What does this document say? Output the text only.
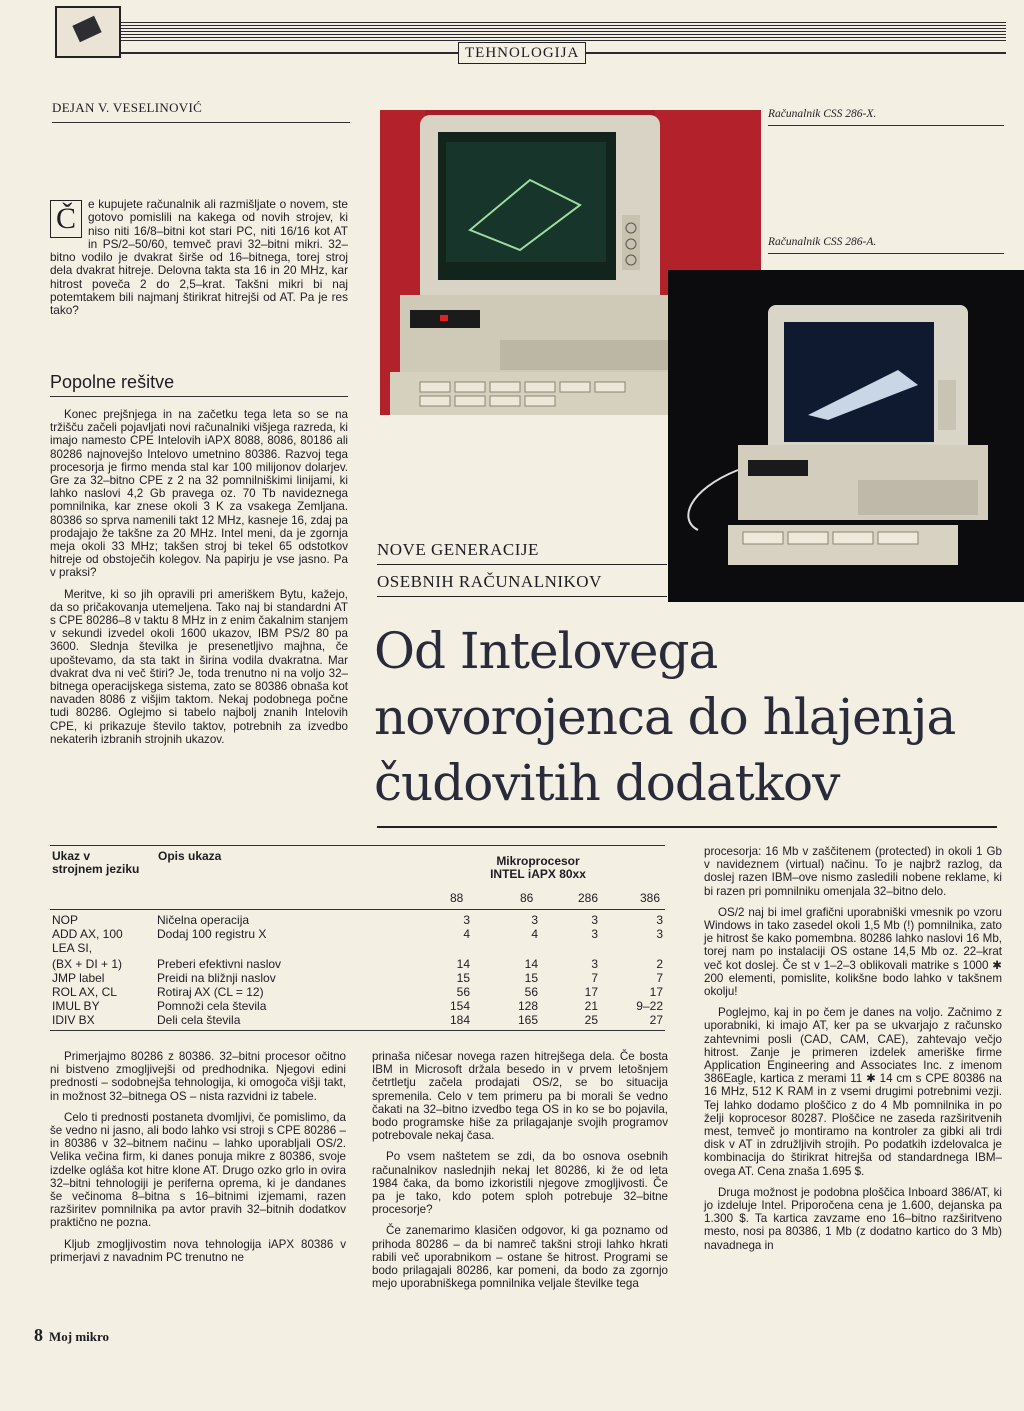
TEHNOLOGIJA
DEJAN V. VESELINOVIĆ
Č	e kupujete računalnik ali razmišljate o novem, ste gotovo pomislili na kakega od novih strojev, ki niso niti 16/8–bitni kot stari PC, niti 16/16 kot AT in PS/2–50/60, temveč pravi 32–bitni mikri. 32–bitno vodilo je dvakrat širše od 16–bitnega, torej stroj dela dvakrat hitreje. Delovna takta sta 16 in 20 MHz, kar hitrost poveča 2 do 2,5–krat. Takšni mikri bi naj potemtakem bili najmanj štirikrat hitrejši od AT. Pa je res tako?
Popolne rešitve

Konec prejšnjega in na začetku tega leta so se na tržišču začeli pojavljati novi računalniki višjega razreda, ki imajo namesto CPE Intelovih iAPX 8088, 8086, 80186 ali 80286 najnovejšo Intelovo umetnino 80386. Razvoj tega procesorja je firmo menda stal kar 100 milijonov dolarjev. Gre za 32–bitno CPE z 2 na 32 pomnilniškimi linijami, ki lahko naslovi 4,2 Gb pravega oz. 70 Tb navideznega pomnilnika, kar znese okoli 3 K za vsakega Zemljana. 80386 so sprva namenili takt 12 MHz, kasneje 16, zdaj pa prodajajo že takšne za 20 MHz. Intel meni, da je zgornja meja okoli 33 MHz; takšen stroj bi tekel 65 odstotkov hitreje od obstoječih kolegov. Na papirju je vse jasno. Pa v praksi?

Meritve, ki so jih opravili pri ameriškem Bytu, kažejo, da so pričakovanja utemeljena. Tako naj bi standardni AT s CPE 80286–8 v taktu 8 MHz in z enim čakalnim stanjem v sekundi izvedel okoli 1600 ukazov, IBM PS/2 80 pa 3600. Slednja številka je presenetljivo majhna, če upoštevamo, da sta takt in širina vodila dvakratna. Mar dvakrat dva ni več štiri? Je, toda trenutno ni na voljo 32–bitnega operacijskega sistema, zato se 80386 obnaša kot navaden 8086 z višjim taktom. Nekaj podobnega počne tudi 80286. Oglejmo si tabelo najbolj znanih Intelovih CPE, ki prikazuje število taktov, potrebnih za izvedbo nekaterih izbranih strojnih ukazov.

Računalnik CSS 286-X.
Računalnik CSS 286-A.
NOVE GENERACIJE
OSEBNIH RAČUNALNIKOV
Od Intelovega
novorojenca do hlajenja
čudovitih dodatkov
Ukaz v strojnem jeziku
Opis ukaza	Mikroprocesor INTEL iAPX 80xx
88	86	286	386
NOP	Ničelna operacija	3	3	3	3
ADD AX, 100	Dodaj 100 registru X	4	4	3	3
LEA SI,
(BX + DI + 1)	Preberi efektivni naslov	14	14	3	2
JMP label	Preidi na bližnji naslov	15	15	7	7
ROL AX, CL	Rotiraj AX (CL = 12)	56	56	17	17
IMUL BY	Pomnoži cela števila	154	128	21	9–22
IDIV BX	Deli cela števila	184	165	25	27

Primerjajmo 80286 z 80386. 32–bitni procesor očitno ni bistveno zmogljivejši od predhodnika. Njegovi edini prednosti – sodobnejša tehnologija, ki omogoča višji takt, in možnost 32–bitnega OS – nista razvidni iz tabele.

Celo ti prednosti postaneta dvomljivi, če pomislimo, da še vedno ni jasno, ali bodo lahko vsi stroji s CPE 80286 – in 80386 v 32–bitnem načinu – lahko uporabljali OS/2. Velika večina firm, ki danes ponuja mikre z 80386, svoje izdelke ogláša kot hitre klone AT. Drugo ozko grlo in ovira 32–bitni tehnologiji je periferna oprema, ki je dandanes še večinoma 8–bitna s 16–bitnimi izjemami, razen razširitev pomnilnika pa avtor pravih 32–bitnih dodatkov praktično ne pozna.

Kljub zmogljivostim nova tehnologija iAPX 80386 v primerjavi z navadnim PC trenutno ne

prinaša ničesar novega razen hitrejšega dela. Če bosta IBM in Microsoft držala besedo in v prvem letošnjem četrtletju začela prodajati OS/2, se bo situacija spremenila. Celo v tem primeru pa bi morali še vedno čakati na 32–bitno izvedbo tega OS in ko se bo pojavila, bodo programske hiše za prilagajanje svojih programov potrebovale nekaj časa.

Po vsem naštetem se zdi, da bo osnova osebnih računalnikov naslednjih nekaj let 80286, ki že od leta 1984 čaka, da bomo izkoristili njegove zmogljivosti. Če pa je tako, kdo potem sploh potrebuje 32–bitne procesorje?

Če zanemarimo klasičen odgovor, ki ga poznamo od prihoda 80286 – da bi namreč takšni stroji lahko hkrati rabili več uporabnikom – ostane še hitrost. Programi se bodo prilagajali 80286, kar pomeni, da bodo za zgornjo mejo uporabniškega pomnilnika veljale številke tega

procesorja: 16 Mb v zaščitenem (protected) in okoli 1 Gb v navideznem (virtual) načinu. To je najbrž razlog, da doslej razen IBM–ove nismo zasledili nobene reklame, ki bi razen pri pomnilniku omenjala 32–bitno delo.

OS/2 naj bi imel grafični uporabniški vmesnik po vzoru Windows in tako zasedel okoli 1,5 Mb (!) pomnilnika, zato je hitrost še kako pomembna. 80286 lahko naslovi 16 Mb, torej nam po instalaciji OS ostane 14,5 Mb oz. 22–krat več kot doslej. Če st v 1–2–3 oblikovali matrike s 1000 ✱ 200 elementi, pomislite, kolikšne bodo lahko v takšnem okolju!

Poglejmo, kaj in po čem je danes na voljo. Začnimo z uporabniki, ki imajo AT, ker pa se ukvarjajo z računsko zahtevnimi posli (CAD, CAM, CAE), zahtevajo večjo hitrost. Zanje je primeren izdelek ameriške firme Application Engineering and Associates Inc. z imenom 386Eagle, kartica z merami 11 ✱ 14 cm s CPE 80386 na 16 MHz, 512 K RAM in z vsemi drugimi potrebnimi vezji. Tej lahko dodamo ploščico z do 4 Mb pomnilnika in po želji koprocesor 80287. Ploščice ne zaseda razširitvenih mest, temveč jo montiramo na kontroler za gibki ali trdi disk v AT in združljivih strojih. Po podatkih izdelovalca je kombinacija do štirikrat hitrejša od standardnega IBM–ovega AT. Cena znaša 1.695 $.

Druga možnost je podobna ploščica Inboard 386/AT, ki jo izdeluje Intel. Priporočena cena je 1.600, dejanska pa 1.300 $. Ta kartica zavzame eno 16–bitno razširitveno mesto, nosi pa 80386, 1 Mb (z dodatno kartico do 3 Mb) navadnega in

8 Moj mikro
